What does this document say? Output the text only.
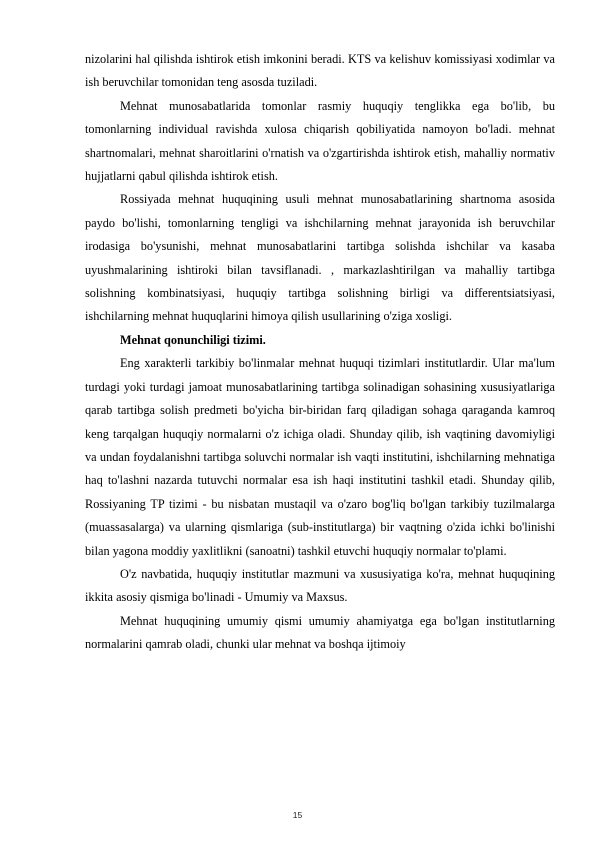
nizolarini hal qilishda ishtirok etish imkonini beradi. KTS va kelishuv komissiyasi xodimlar va ish beruvchilar tomonidan teng asosda tuziladi.

Mehnat munosabatlarida tomonlar rasmiy huquqiy tenglikka ega bo'lib, bu tomonlarning individual ravishda xulosa chiqarish qobiliyatida namoyon bo'ladi. mehnat shartnomalari, mehnat sharoitlarini o'rnatish va o'zgartirishda ishtirok etish, mahalliy normativ hujjatlarni qabul qilishda ishtirok etish.

Rossiyada mehnat huquqining usuli mehnat munosabatlarining shartnoma asosida paydo bo'lishi, tomonlarning tengligi va ishchilarning mehnat jarayonida ish beruvchilar irodasiga bo'ysunishi, mehnat munosabatlarini tartibga solishda ishchilar va kasaba uyushmalarining ishtiroki bilan tavsiflanadi. , markazlashtirilgan va mahalliy tartibga solishning kombinatsiyasi, huquqiy tartibga solishning birligi va differentsiatsiyasi, ishchilarning mehnat huquqlarini himoya qilish usullarining o'ziga xosligi.

Mehnat qonunchiligi tizimi.

Eng xarakterli tarkibiy bo'linmalar mehnat huquqi tizimlari institutlardir. Ular ma'lum turdagi yoki turdagi jamoat munosabatlarining tartibga solinadigan sohasining xususiyatlariga qarab tartibga solish predmeti bo'yicha bir-biridan farq qiladigan sohaga qaraganda kamroq keng tarqalgan huquqiy normalarni o'z ichiga oladi. Shunday qilib, ish vaqtining davomiyligi va undan foydalanishni tartibga soluvchi normalar ish vaqti institutini, ishchilarning mehnatiga haq to'lashni nazarda tutuvchi normalar esa ish haqi institutini tashkil etadi. Shunday qilib, Rossiyaning TP tizimi - bu nisbatan mustaqil va o'zaro bog'liq bo'lgan tarkibiy tuzilmalarga (muassasalarga) va ularning qismlariga (sub-institutlarga) bir vaqtning o'zida ichki bo'linishi bilan yagona moddiy yaxlitlikni (sanoatni) tashkil etuvchi huquqiy normalar to'plami.

O'z navbatida, huquqiy institutlar mazmuni va xususiyatiga ko'ra, mehnat huquqining ikkita asosiy qismiga bo'linadi - Umumiy va Maxsus.

Mehnat huquqining umumiy qismi umumiy ahamiyatga ega bo'lgan institutlarning normalarini qamrab oladi, chunki ular mehnat va boshqa ijtimoiy

15
